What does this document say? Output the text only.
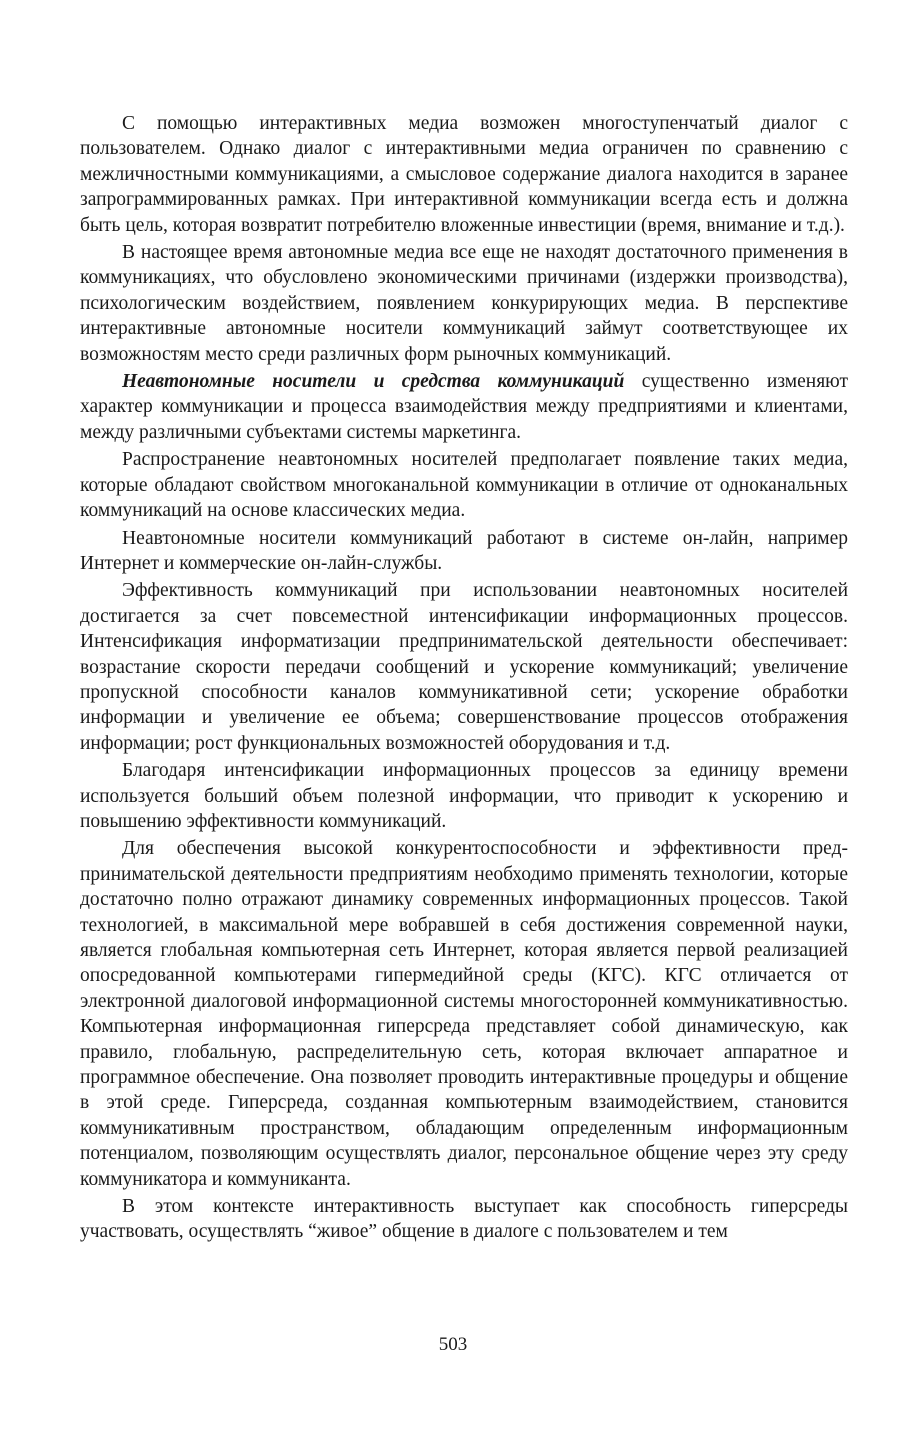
С помощью интерактивных медиа возможен многоступенчатый диалог с пользователем. Однако диалог с интерактивными медиа ограничен по сравнению с межличностными коммуникациями, а смысловое содержание диалога находится в заранее запрограммированных рамках. При интерактивной коммуникации всегда есть и должна быть цель, которая возвратит потребителю вложенные инвестиции (время, внимание и т.д.).

В настоящее время автономные медиа все еще не находят достаточного применения в коммуникациях, что обусловлено экономическими причинами (издержки производства), психологическим воздействием, появлением конкурирующих медиа. В перспективе интерактивные автономные носители коммуникаций займут соответствующее их возможностям место среди различных форм рыночных коммуникаций.

Неавтономные носители и средства коммуникаций существенно изменяют характер коммуникации и процесса взаимодействия между предприятиями и клиентами, между различными субъектами системы маркетинга.

Распространение неавтономных носителей предполагает появление таких медиа, которые обладают свойством многоканальной коммуникации в отличие от одноканальных коммуникаций на основе классических медиа.

Неавтономные носители коммуникаций работают в системе он-лайн, например Интернет и коммерческие он-лайн-службы.

Эффективность коммуникаций при использовании неавтономных носителей достигается за счет повсеместной интенсификации информационных процессов. Интенсификация информатизации предпринимательской деятельности обеспечивает: возрастание скорости передачи сообщений и ускорение коммуникаций; увеличение пропускной способности каналов коммуникативной сети; ускорение обработки информации и увеличение ее объема; совершенствование процессов отображения информации; рост функциональных возможностей оборудования и т.д.

Благодаря интенсификации информационных процессов за единицу времени используется больший объем полезной информации, что приводит к ускорению и повышению эффективности коммуникаций.

Для обеспечения высокой конкурентоспособности и эффективности предпринимательской деятельности предприятиям необходимо применять технологии, которые достаточно полно отражают динамику современных информационных процессов. Такой технологией, в максимальной мере вобравшей в себя достижения современной науки, является глобальная компьютерная сеть Интернет, которая является первой реализацией опосредованной компьютерами гипермедийной среды (КГС). КГС отличается от электронной диалоговой информационной системы многосторонней коммуникативностью. Компьютерная информационная гиперсреда представляет собой динамическую, как правило, глобальную, распределительную сеть, которая включает аппаратное и программное обеспечение. Она позволяет проводить интерактивные процедуры и общение в этой среде. Гиперсреда, созданная компьютерным взаимодействием, становится коммуникативным пространством, обладающим определенным информационным потенциалом, позволяющим осуществлять диалог, персональное общение через эту среду коммуникатора и коммуниканта.

В этом контексте интерактивность выступает как способность гиперсреды участвовать, осуществлять “живое” общение в диалоге с пользователем и тем

503
